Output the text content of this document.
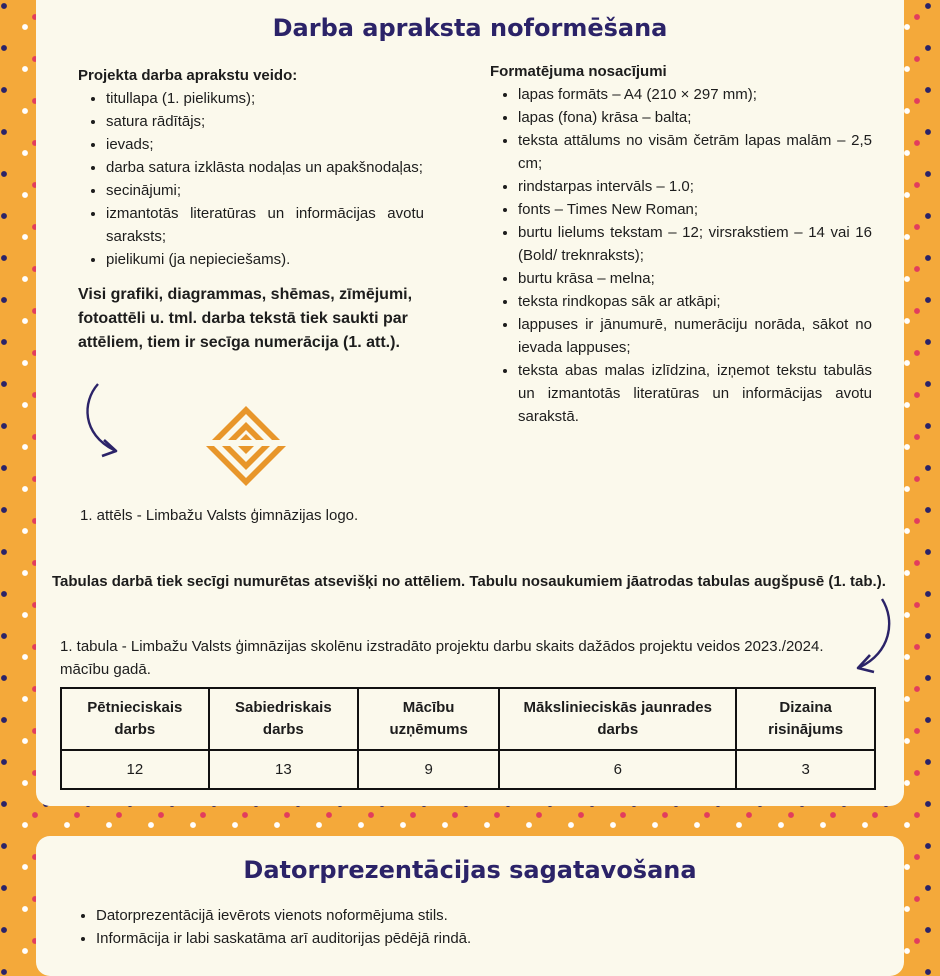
Darba apraksta noformēšana
Projekta darba aprakstu veido:
• titullapa (1. pielikums);
• satura rādītājs;
• ievads;
• darba satura izklāsta nodaļas un apakšnodaļas;
• secinājumi;
• izmantotās literatūras un informācijas avotu saraksts;
• pielikumi (ja nepieciešams).
Visi grafiki, diagrammas, shēmas, zīmējumi, fotoattēli u. tml. darba tekstā tiek saukti par attēliem, tiem ir secīga numerācija (1. att.).
Formatējuma nosacījumi
• lapas formāts – A4 (210 × 297 mm);
• lapas (fona) krāsa – balta;
• teksta attālums no visām četrām lapas malām – 2,5 cm;
• rindstarpas intervāls – 1.0;
• fonts – Times New Roman;
• burtu lielums tekstam – 12; virsrakstiem – 14 vai 16 (Bold/ treknraksts);
• burtu krāsa – melna;
• teksta rindkopas sāk ar atkāpi;
• lappuses ir jānumurē, numerāciju norāda, sākot no ievada lappuses;
• teksta abas malas izlīdzina, izņemot tekstu tabulās un izmantotās literatūras un informācijas avotu sarakstā.
1. attēls - Limbažu Valsts ģimnāzijas logo.
Tabulas darbā tiek secīgi numurētas atsevišķi no attēliem. Tabulu nosaukumiem jāatrodas tabulas augšpusē (1. tab.).
1. tabula - Limbažu Valsts ģimnāzijas skolēnu izstradāto projektu darbu skaits dažādos projektu veidos 2023./2024. mācību gadā.
Pētnieciskais darbs	Sabiedriskais darbs	Mācību uzņēmums	Mākslinieciskās jaunrades darbs	Dizaina risinājums
12	13	9	6	3
Datorprezentācijas sagatavošana
• Datorprezentācijā ievērots vienots noformējuma stils.
• Informācija ir labi saskatāma arī auditorijas pēdējā rindā.
